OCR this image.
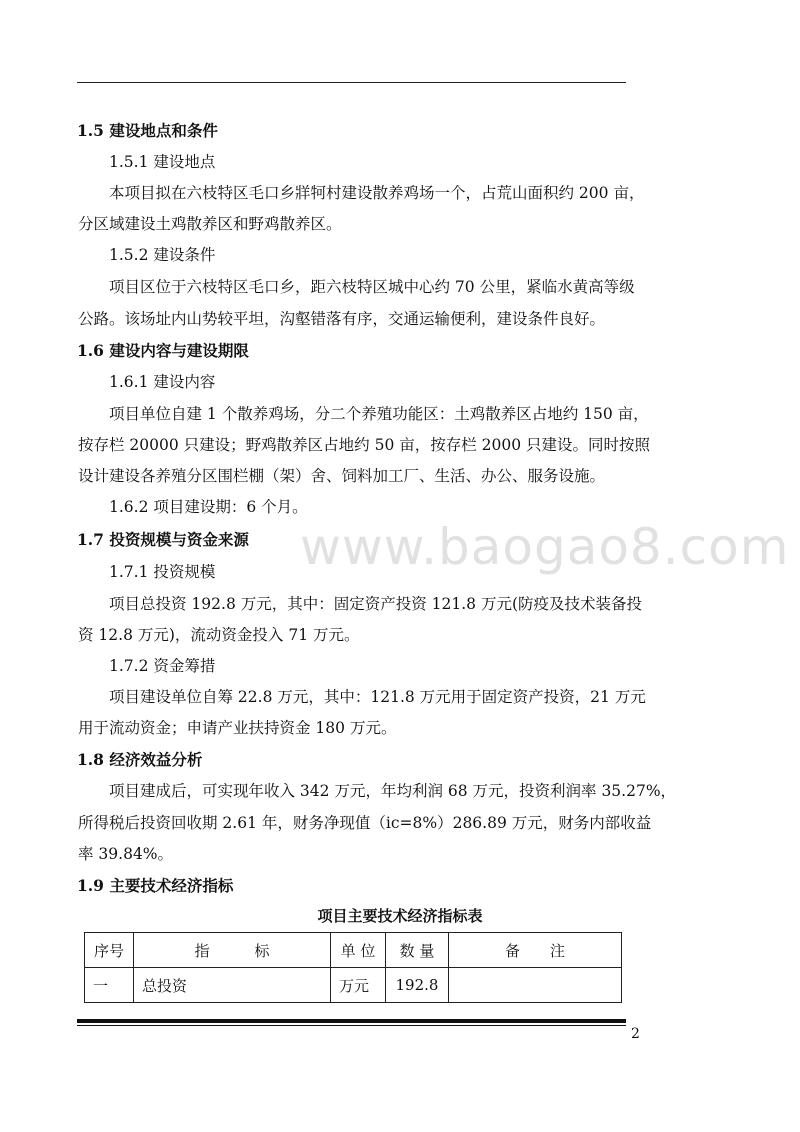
www.baogao8.com
1.5 建设地点和条件
1.5.1 建设地点
本项目拟在六枝特区毛口乡牂牱村建设散养鸡场一个，占荒山面积约 200 亩，
分区域建设土鸡散养区和野鸡散养区。
1.5.2 建设条件
项目区位于六枝特区毛口乡，距六枝特区城中心约 70 公里，紧临水黄高等级
公路。该场址内山势较平坦，沟壑错落有序，交通运输便利，建设条件良好。
1.6 建设内容与建设期限
1.6.1 建设内容
项目单位自建 1 个散养鸡场，分二个养殖功能区：土鸡散养区占地约 150 亩，
按存栏 20000 只建设；野鸡散养区占地约 50 亩，按存栏 2000 只建设。同时按照
设计建设各养殖分区围栏棚（架）舍、饲料加工厂、生活、办公、服务设施。
1.6.2 项目建设期：6 个月。
1.7 投资规模与资金来源
1.7.1 投资规模
项目总投资 192.8 万元，其中：固定资产投资 121.8 万元(防疫及技术装备投
资 12.8 万元)，流动资金投入 71 万元。
1.7.2 资金筹措
项目建设单位自筹 22.8 万元，其中：121.8 万元用于固定资产投资，21 万元
用于流动资金；申请产业扶持资金 180 万元。
1.8 经济效益分析
项目建成后，可实现年收入 342 万元，年均利润 68 万元，投资利润率 35.27%，
所得税后投资回收期 2.61 年，财务净现值（ic=8%）286.89 万元，财务内部收益
率 39.84%。
1.9 主要技术经济指标
项目主要技术经济指标表
序号	指　　　标	单 位	数 量	备　　注
一	总投资	万元	192.8	
2
